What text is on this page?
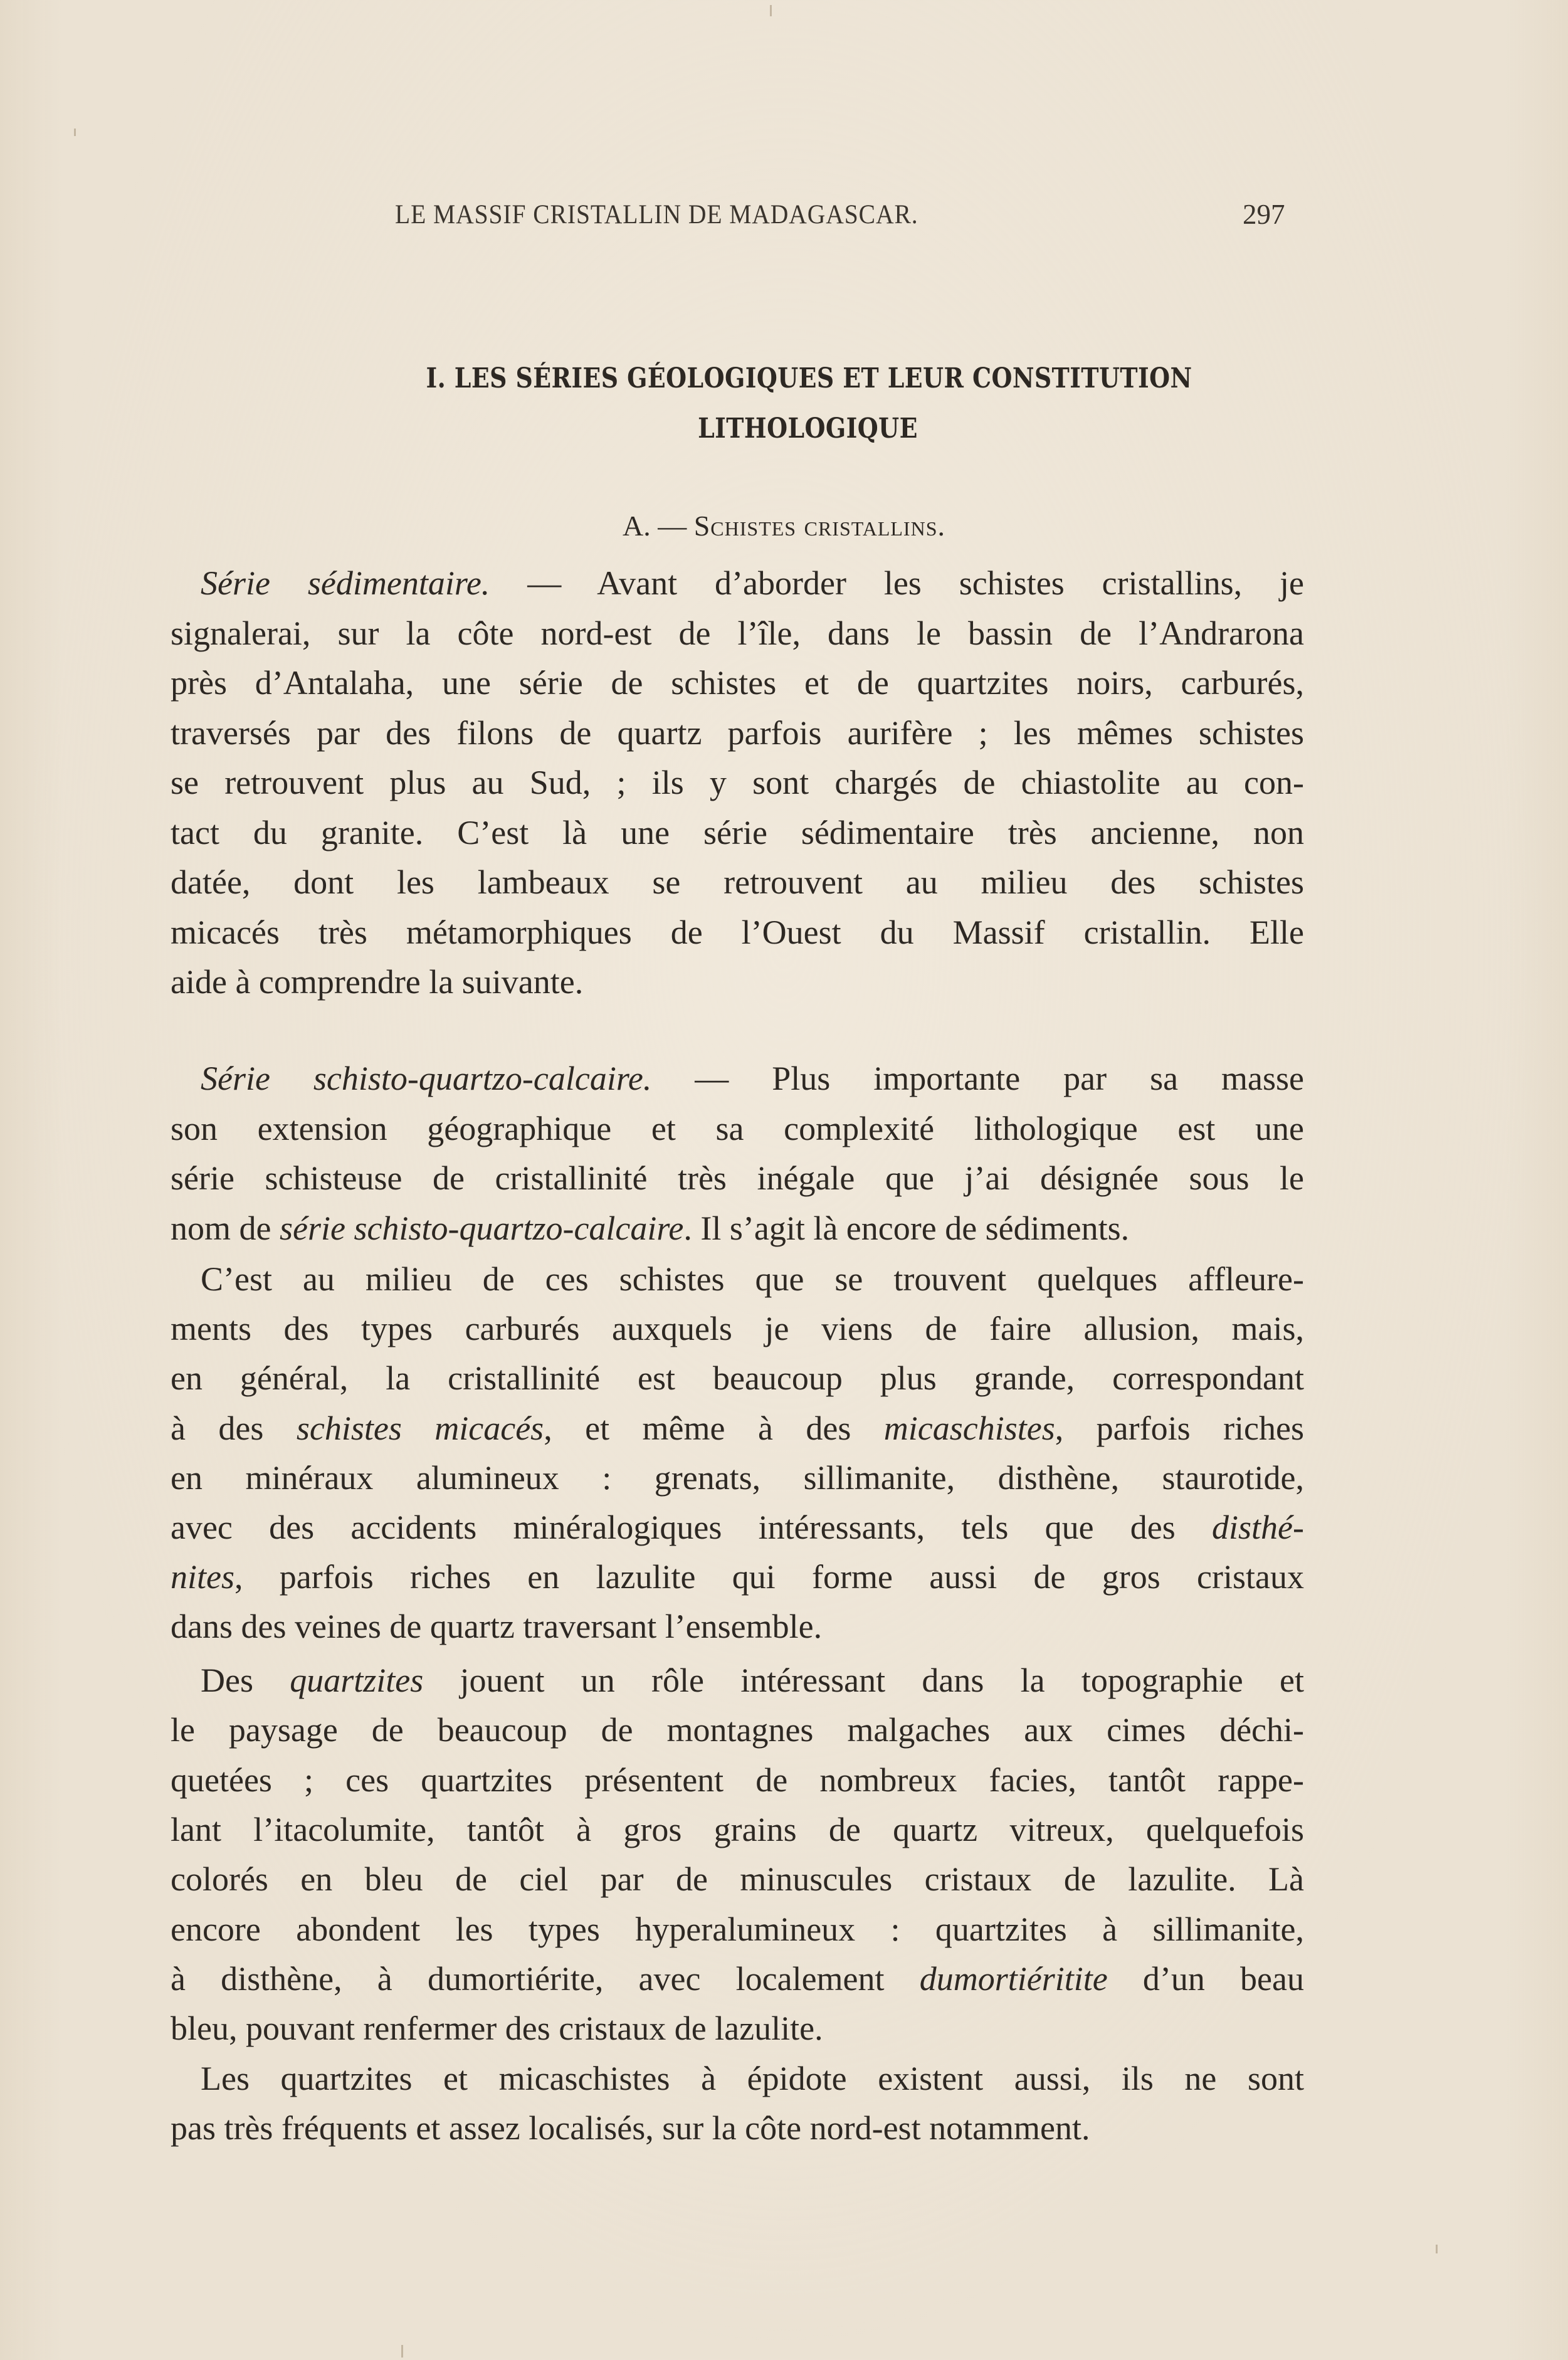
LE MASSIF CRISTALLIN DE MADAGASCAR.	297
I. LES SÉRIES GÉOLOGIQUES ET LEUR CONSTITUTION
LITHOLOGIQUE
A. — Schistes cristallins.
Série sédimentaire. — Avant d’aborder les schistes cristallins, je
signalerai, sur la côte nord-est de l’île, dans le bassin de l’Andrarona
près d’Antalaha, une série de schistes et de quartzites noirs, carburés,
traversés par des filons de quartz parfois aurifère ; les mêmes schistes
se retrouvent plus au Sud, ; ils y sont chargés de chiastolite au con-
tact du granite. C’est là une série sédimentaire très ancienne, non
datée, dont les lambeaux se retrouvent au milieu des schistes
micacés très métamorphiques de l’Ouest du Massif cristallin. Elle
aide à comprendre la suivante.
Série schisto-quartzo-calcaire. — Plus importante par sa masse
son extension géographique et sa complexité lithologique est une
série schisteuse de cristallinité très inégale que j’ai désignée sous le
nom de série schisto-quartzo-calcaire. Il s’agit là encore de sédiments.
C’est au milieu de ces schistes que se trouvent quelques affleure-
ments des types carburés auxquels je viens de faire allusion, mais,
en général, la cristallinité est beaucoup plus grande, correspondant
à des schistes micacés, et même à des micaschistes, parfois riches
en minéraux alumineux : grenats, sillimanite, disthène, staurotide,
avec des accidents minéralogiques intéressants, tels que des disthé-
nites, parfois riches en lazulite qui forme aussi de gros cristaux
dans des veines de quartz traversant l’ensemble.
Des quartzites jouent un rôle intéressant dans la topographie et
le paysage de beaucoup de montagnes malgaches aux cimes déchi-
quetées ; ces quartzites présentent de nombreux facies, tantôt rappe-
lant l’itacolumite, tantôt à gros grains de quartz vitreux, quelquefois
colorés en bleu de ciel par de minuscules cristaux de lazulite. Là
encore abondent les types hyperalumineux : quartzites à sillimanite,
à disthène, à dumortiérite, avec localement dumortiéritite d’un beau
bleu, pouvant renfermer des cristaux de lazulite.
Les quartzites et micaschistes à épidote existent aussi, ils ne sont
pas très fréquents et assez localisés, sur la côte nord-est notamment.
